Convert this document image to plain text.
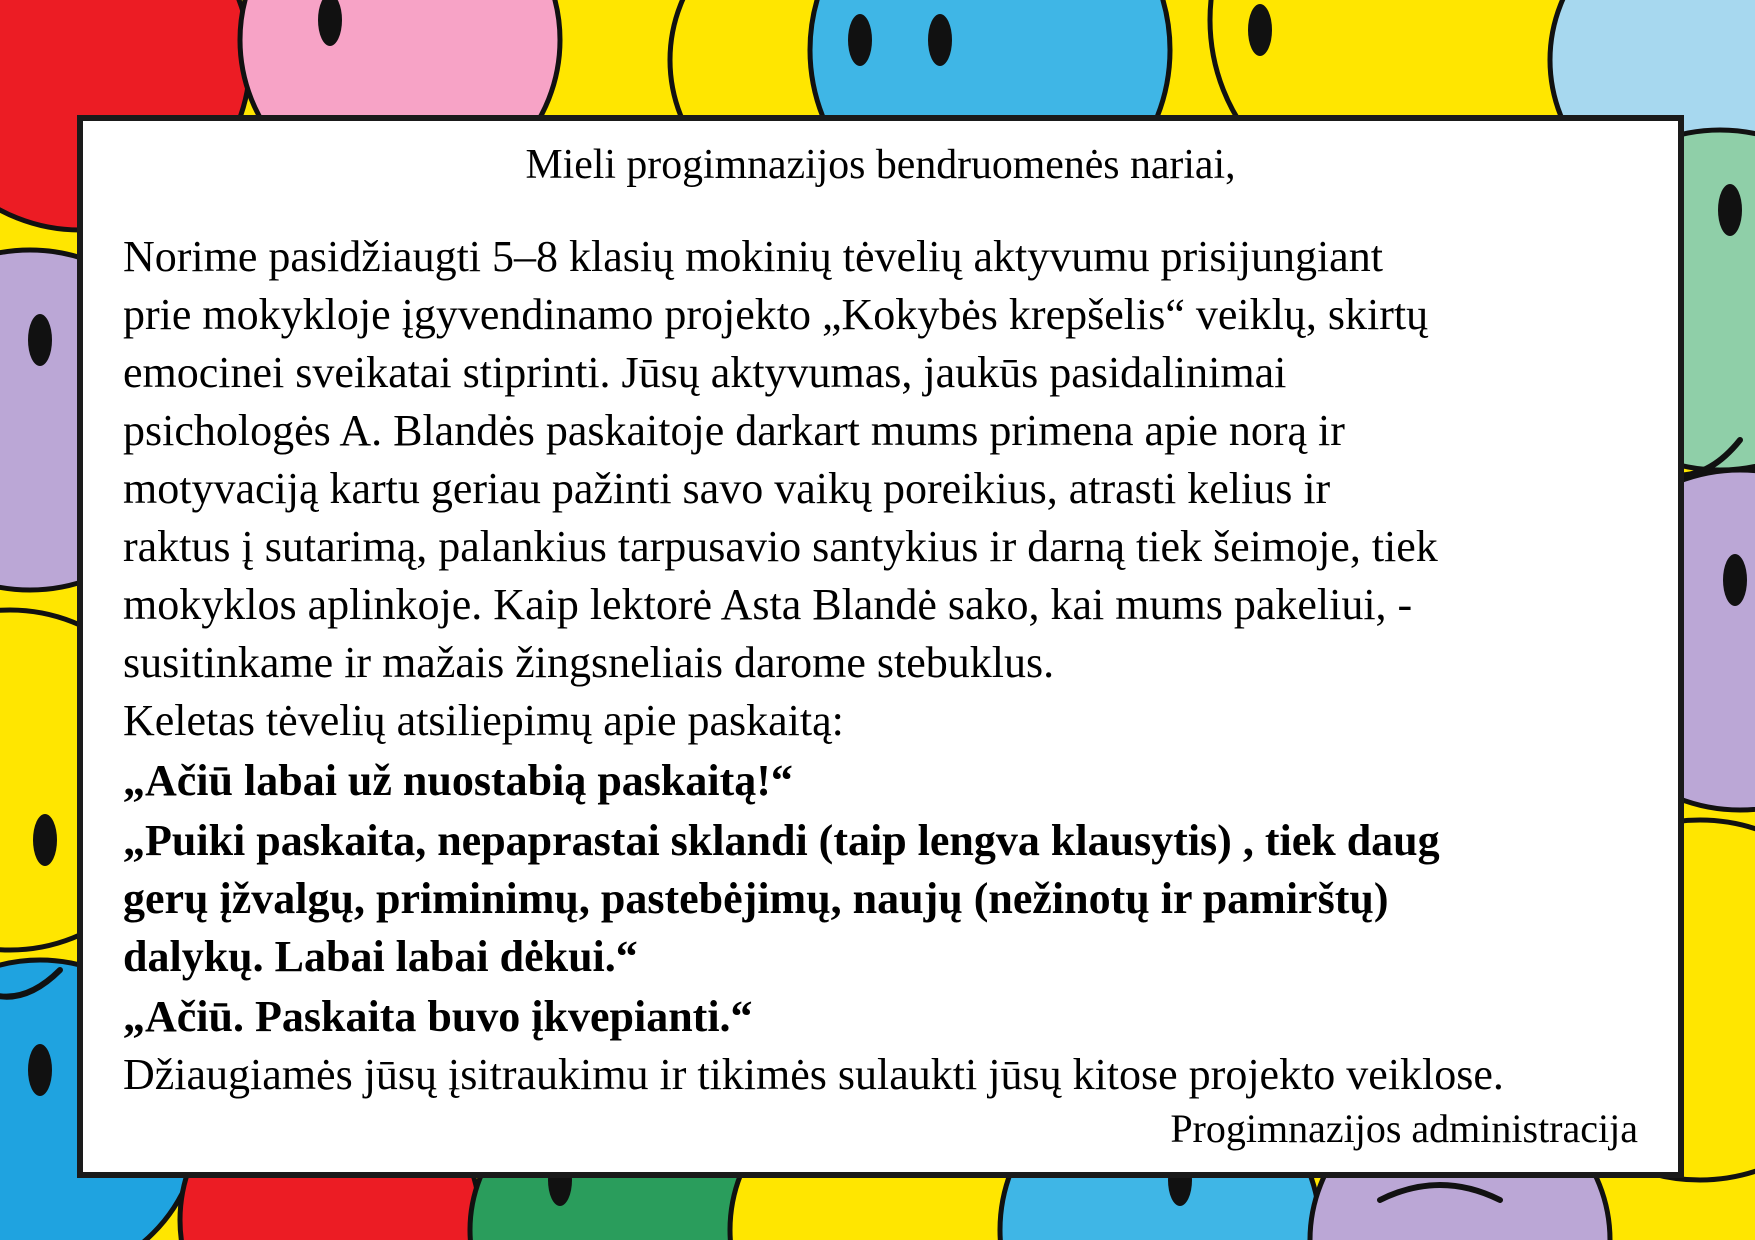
Mieli progimnazijos bendruomenės nariai,

Norime pasidžiaugti 5–8 klasių mokinių tėvelių aktyvumu prisijungiant

prie mokykloje įgyvendinamo projekto „Kokybės krepšelis“ veiklų, skirtų

emocinei sveikatai stiprinti. Jūsų aktyvumas, jaukūs pasidalinimai

psichologės A. Blandės paskaitoje darkart mums primena apie norą ir

motyvaciją kartu geriau pažinti savo vaikų poreikius, atrasti kelius ir

raktus į sutarimą, palankius tarpusavio santykius ir darną tiek šeimoje, tiek

mokyklos aplinkoje. Kaip lektorė Asta Blandė sako, kai mums pakeliui, -

susitinkame ir mažais žingsneliais darome stebuklus.

Keletas tėvelių atsiliepimų apie paskaitą:

„Ačiū labai už nuostabią paskaitą!“

„Puiki paskaita, nepaprastai sklandi (taip lengva klausytis) , tiek daug

gerų įžvalgų, priminimų, pastebėjimų, naujų (nežinotų ir pamirštų)

dalykų. Labai labai dėkui.“

„Ačiū. Paskaita buvo įkvepianti.“

Džiaugiamės jūsų įsitraukimu ir tikimės sulaukti jūsų kitose projekto veiklose.

Progimnazijos administracija
